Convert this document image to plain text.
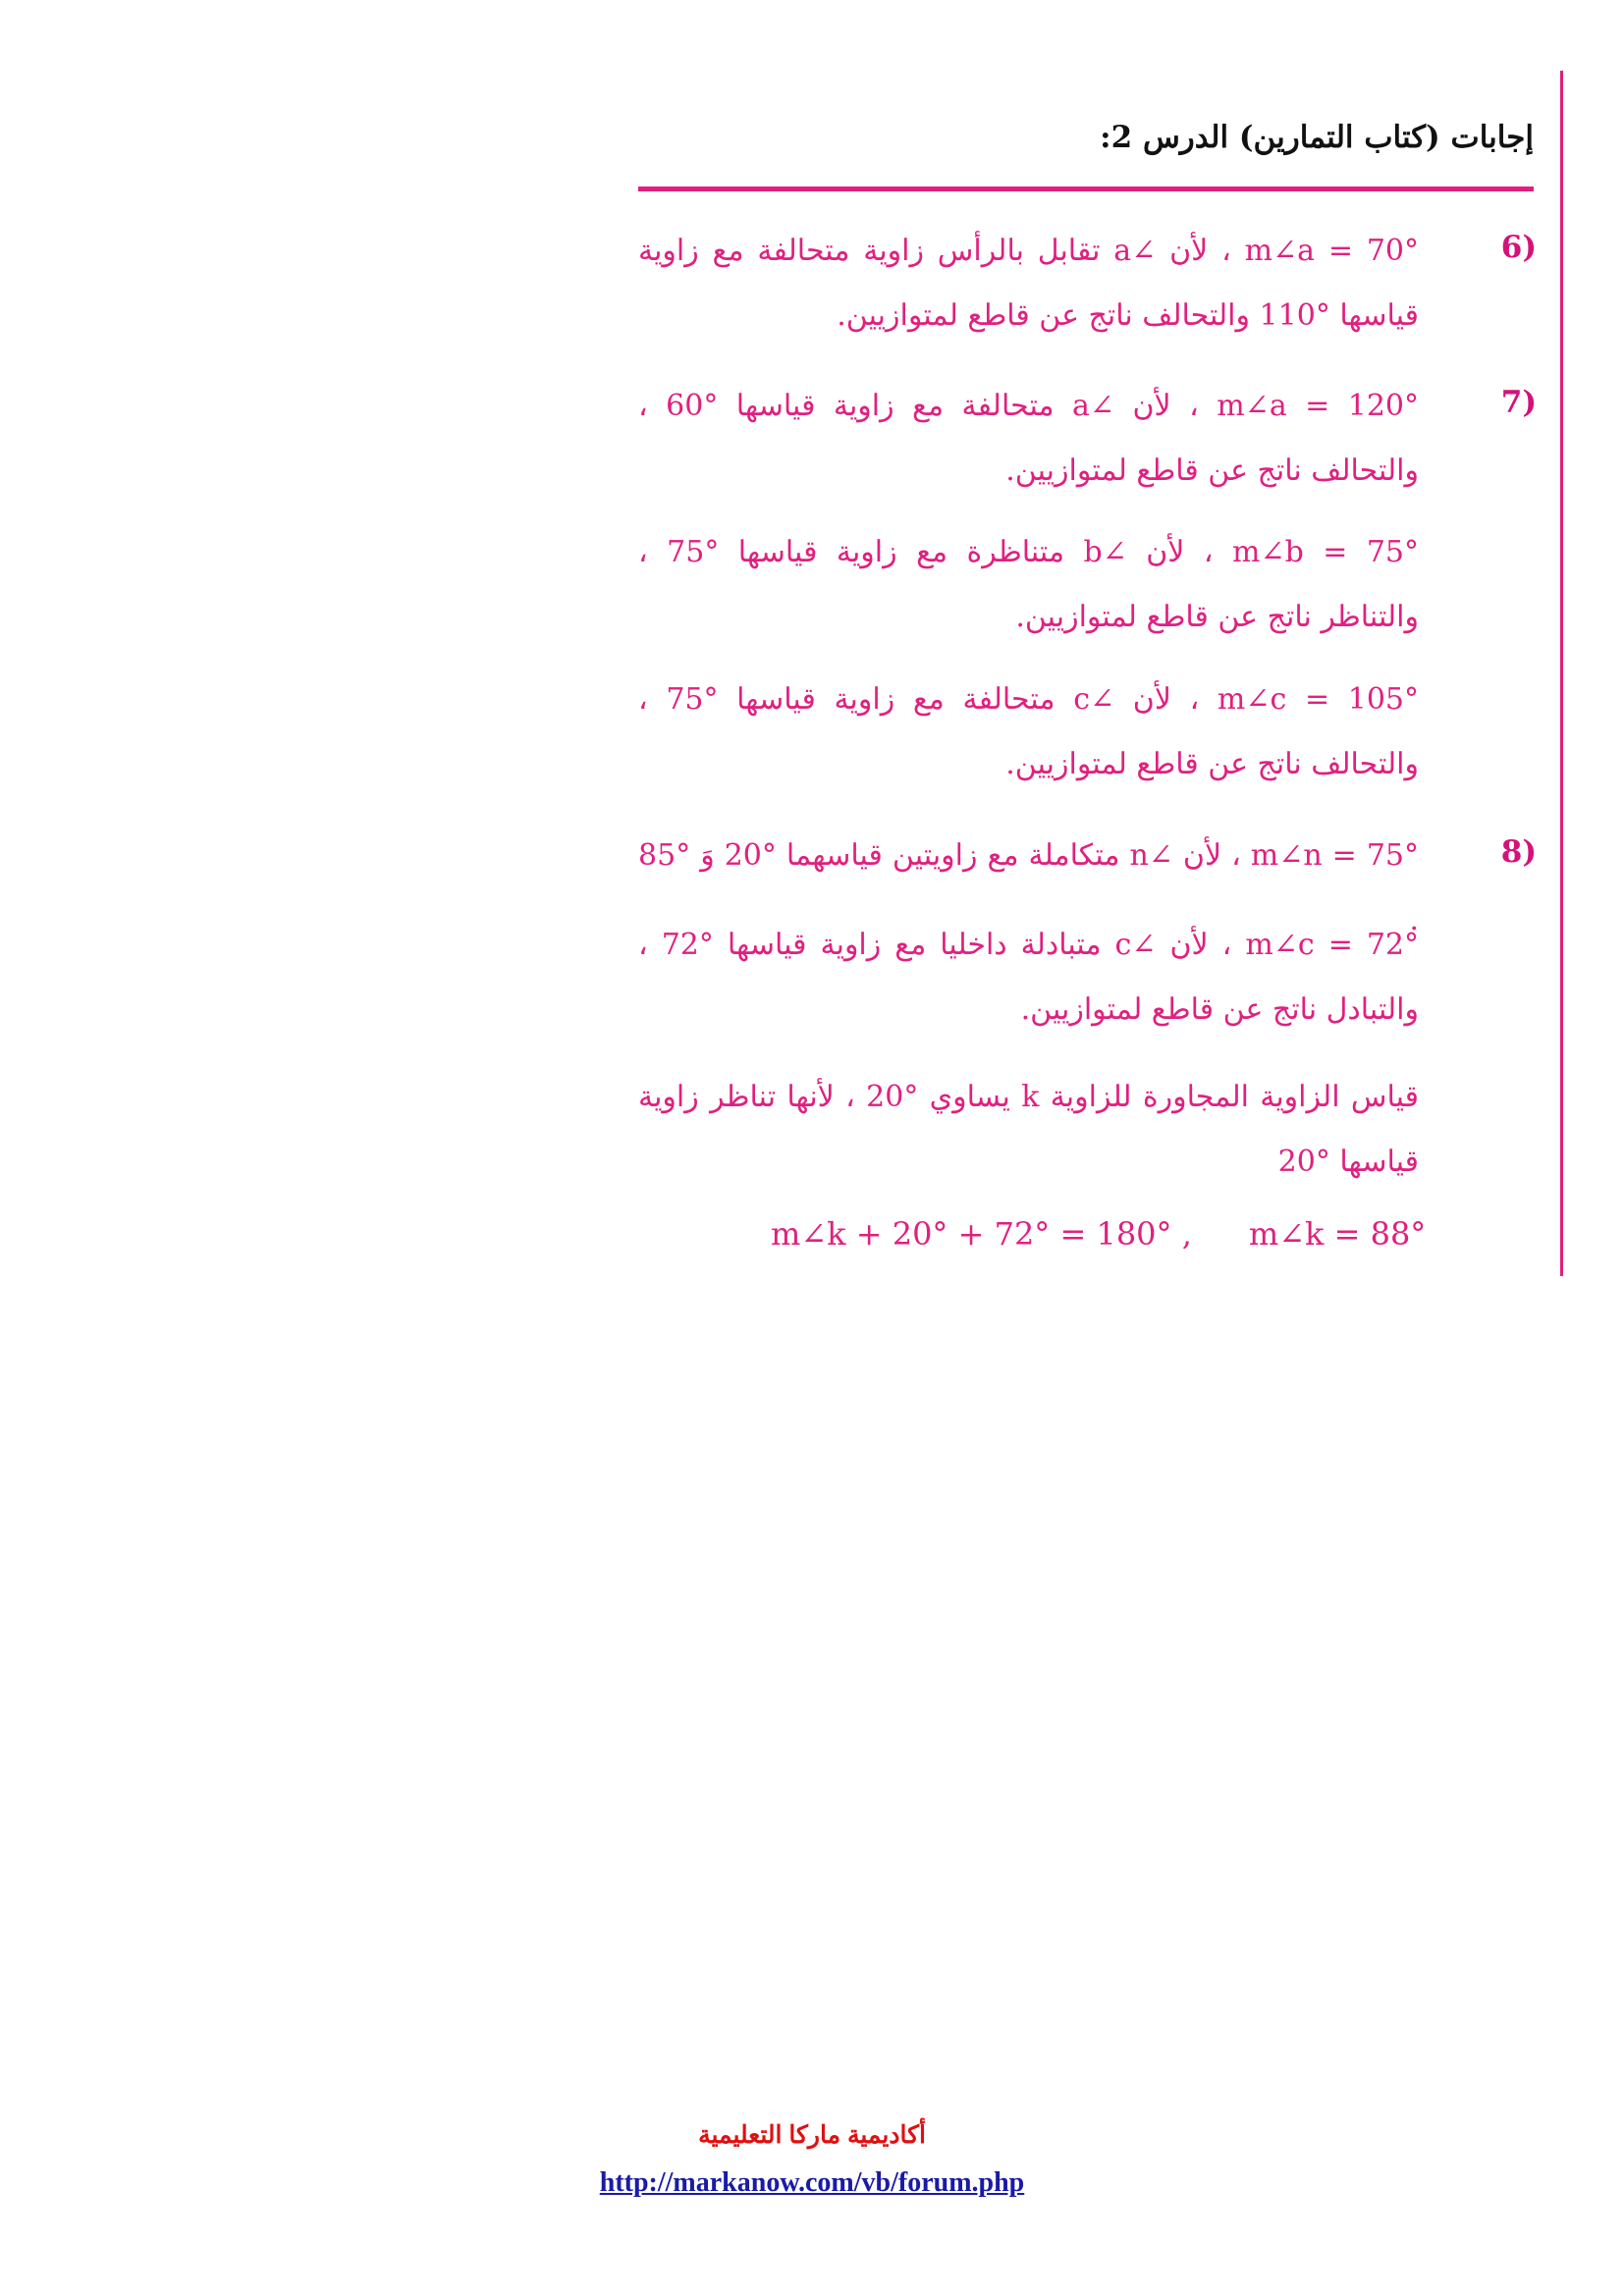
إجابات (كتاب التمارين) الدرس 2:
(6

m∠a = 70° ، لأن ∠a تقابل بالرأس زاوية متحالفة مع زاوية قياسها °110 والتحالف ناتج عن قاطع لمتوازيين.

(7

m∠a = 120° ، لأن ∠a متحالفة مع زاوية قياسها °60 ، والتحالف ناتج عن قاطع لمتوازيين.

m∠b = 75° ، لأن ∠b متناظرة مع زاوية قياسها °75 ، والتناظر ناتج عن قاطع لمتوازيين.

m∠c = 105° ، لأن ∠c متحالفة مع زاوية قياسها °75 ، والتحالف ناتج عن قاطع لمتوازيين.

(8

m∠n = 75° ، لأن ∠n متكاملة مع زاويتين قياسهما °20 وَ °85 .

m∠c = 72° ، لأن ∠c متبادلة داخليا مع زاوية قياسها °72 ، والتبادل ناتج عن قاطع لمتوازيين.

قياس الزاوية المجاورة للزاوية k يساوي °20 ، لأنها تناظر زاوية قياسها °20

m∠k + 20° + 72° = 180° , m∠k = 88°
أكاديمية ماركا التعليمية
http://markanow.com/vb/forum.php
